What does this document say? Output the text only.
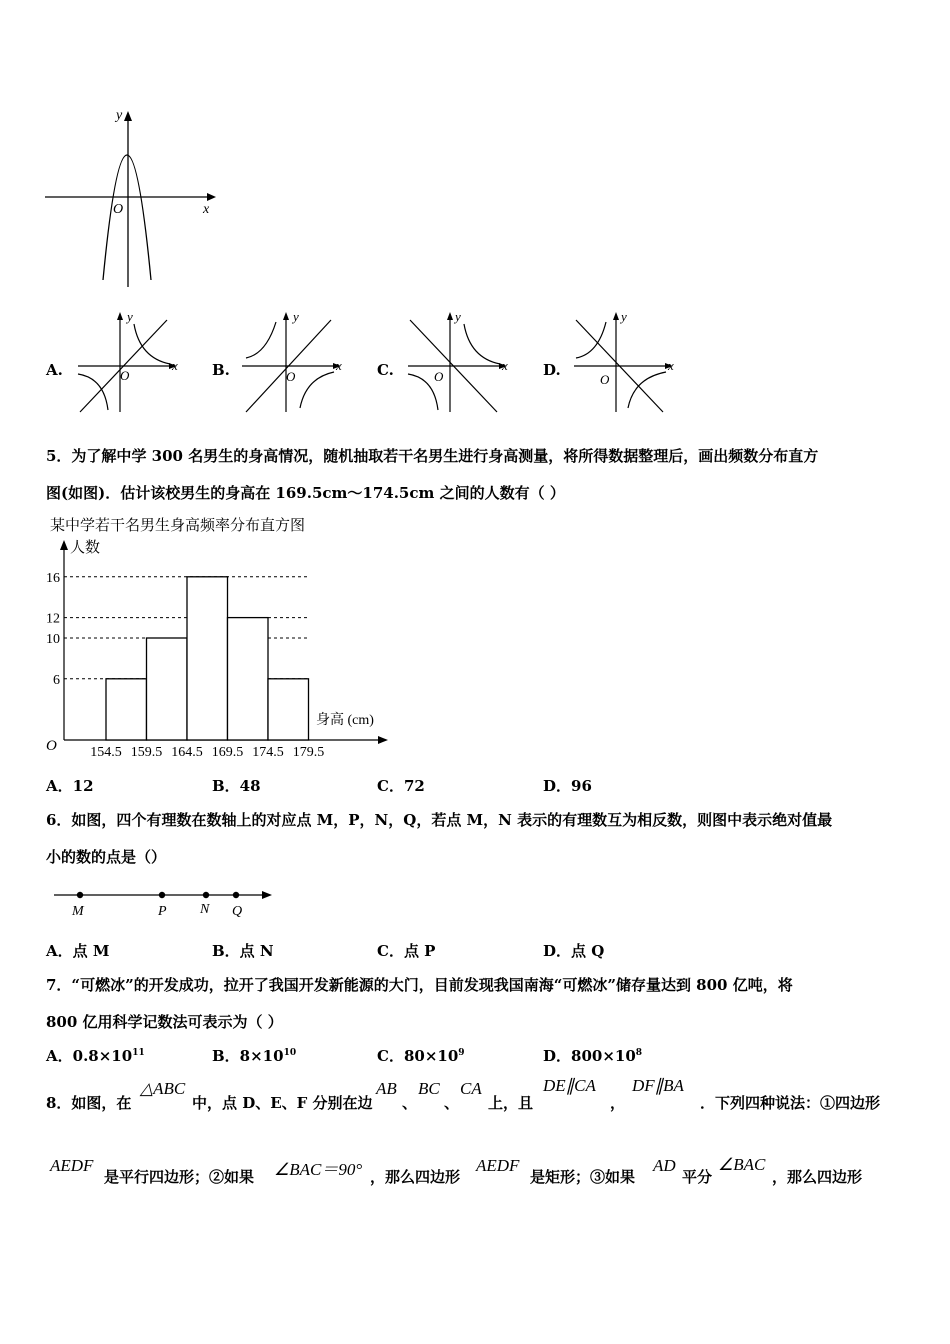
y
x
O
A.
y
x
O	B.
y
x
O	C.
y
x
O	D.
y
x
O
5．为了解中学 300 名男生的身高情况，随机抽取若干名男生进行身高测量，将所得数据整理后，画出频数分布直方
图(如图)．估计该校男生的身高在 169.5cm～174.5cm 之间的人数有（ ）
某中学若干名男生身高频率分布直方图
人数
身高 (cm)
O
16
12
10
6
154.5 159.5 164.5 169.5 174.5 179.5
A．12	B．48	C．72	D．96
6．如图，四个有理数在数轴上的对应点 M，P，N，Q，若点 M，N 表示的有理数互为相反数，则图中表示绝对值最
小的数的点是（）
M	P N Q
A．点 M	B．点 N	C．点 P	D．点 Q
7．“可燃冰”的开发成功，拉开了我国开发新能源的大门，目前发现我国南海“可燃冰”储存量达到 800 亿吨，将
800 亿用科学记数法可表示为（ ）
A．$0.8\times 10^{11}$	B．$8\times 10^{10}$	C．$80\times 10^9$	D．$800\times 10^8$
8．如图，在
△ABC
中，点 D、E、F 分别在边
AB
、
BC
、
CA
上，且
DE∥CA
，
DF∥BA
．下列四种说法：①四边形
AEDF
是平行四边形；②如果 ∠BAC＝90° ，那么四边形
AEDF
是矩形；③如果
AD
平分
∠BAC
，那么四边形
